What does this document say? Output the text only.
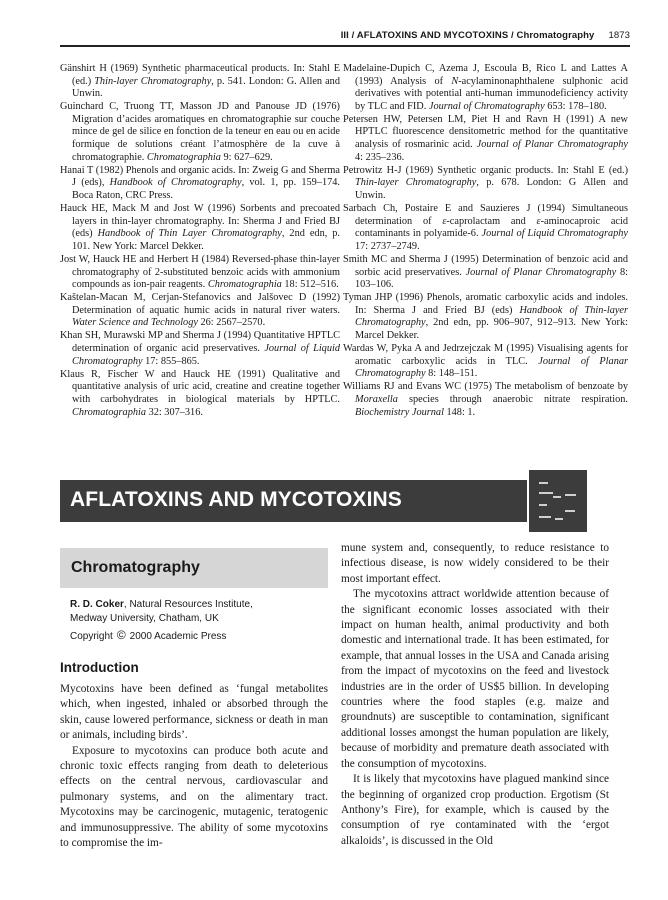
III / AFLATOXINS AND MYCOTOXINS / Chromatography 1873

Gänshirt H (1969) Synthetic pharmaceutical products. In: Stahl E (ed.) Thin-layer Chromatography, p. 541. London: G. Allen and Unwin.

Guinchard C, Truong TT, Masson JD and Panouse JD (1976) Migration d’acides aromatiques en chromatographie sur couche mince de gel de silice en fonction de la teneur en eau ou en acide formique de solutions créant l’atmosphère de la cuve à chromatographie. Chromatographia 9: 627–629.

Hanai T (1982) Phenols and organic acids. In: Zweig G and Sherma J (eds), Handbook of Chromatography, vol. 1, pp. 159–174. Boca Raton, CRC Press.

Hauck HE, Mack M and Jost W (1996) Sorbents and precoated layers in thin-layer chromatography. In: Sherma J and Fried BJ (eds) Handbook of Thin Layer Chromatography, 2nd edn, p. 101. New York: Marcel Dekker.

Jost W, Hauck HE and Herbert H (1984) Reversed-phase thin-layer chromatography of 2-substituted benzoic acids with ammonium compounds as ion-pair reagents. Chromatographia 18: 512–516.

Kaštelan-Macan M, Cerjan-Stefanovics and Jalšovec D (1992) Determination of aquatic humic acids in natural river waters. Water Science and Technology 26: 2567–2570.

Khan SH, Murawski MP and Sherma J (1994) Quantitative HPTLC determination of organic acid preservatives. Journal of Liquid Chromatography 17: 855–865.

Klaus R, Fischer W and Hauck HE (1991) Qualitative and quantitative analysis of uric acid, creatine and creatine together with carbohydrates in biological materials by HPTLC. Chromatographia 32: 307–316.

Madelaine-Dupich C, Azema J, Escoula B, Rico L and Lattes A (1993) Analysis of N-acylaminonaphthalene sulphonic acid derivatives with potential anti-human immunodeficiency activity by TLC and FID. Journal of Chromatography 653: 178–180.

Petersen HW, Petersen LM, Piet H and Ravn H (1991) A new HPTLC fluorescence densitometric method for the quantitative analysis of rosmarinic acid. Journal of Planar Chromatography 4: 235–236.

Petrowitz H-J (1969) Synthetic organic products. In: Stahl E (ed.) Thin-layer Chromatography, p. 678. London: G Allen and Unwin.

Sarbach Ch, Postaire E and Sauzieres J (1994) Simultaneous determination of ε-caprolactam and ε-aminocaproic acid contaminants in polyamide-6. Journal of Liquid Chromatography 17: 2737–2749.

Smith MC and Sherma J (1995) Determination of benzoic acid and sorbic acid preservatives. Journal of Planar Chromatography 8: 103–106.

Tyman JHP (1996) Phenols, aromatic carboxylic acids and indoles. In: Sherma J and Fried BJ (eds) Handbook of Thin-layer Chromatography, 2nd edn, pp. 906–907, 912–913. New York: Marcel Dekker.

Wardas W, Pyka A and Jedrzejczak M (1995) Visualising agents for aromatic carboxylic acids in TLC. Journal of Planar Chromatography 8: 148–151.

Williams RJ and Evans WC (1975) The metabolism of benzoate by Moraxella species through anaerobic nitrate respiration. Biochemistry Journal 148: 1.

AFLATOXINS AND MYCOTOXINS
Chromatography
R. D. Coker, Natural Resources Institute,
Medway University, Chatham, UK
Copyright © 2000 Academic Press
Introduction

Mycotoxins have been defined as ‘fungal metabolites which, when ingested, inhaled or absorbed through the skin, cause lowered performance, sickness or death in man or animals, including birds’.

Exposure to mycotoxins can produce both acute and chronic toxic effects ranging from death to deleterious effects on the central nervous, cardiovascular and pulmonary systems, and on the alimentary tract. Mycotoxins may be carcinogenic, mutagenic, teratogenic and immunosuppressive. The ability of some mycotoxins to compromise the im-

mune system and, consequently, to reduce resistance to infectious disease, is now widely considered to be their most important effect.

The mycotoxins attract worldwide attention because of the significant economic losses associated with their impact on human health, animal productivity and both domestic and international trade. It has been estimated, for example, that annual losses in the USA and Canada arising from the impact of mycotoxins on the feed and livestock industries are in the order of US$5 billion. In developing countries where the food staples (e.g. maize and groundnuts) are susceptible to contamination, significant additional losses amongst the human population are likely, because of morbidity and premature death associated with the consumption of mycotoxins.

It is likely that mycotoxins have plagued mankind since the beginning of organized crop production. Ergotism (St Anthony’s Fire), for example, which is caused by the consumption of rye contaminated with the ‘ergot alkaloids’, is discussed in the Old
